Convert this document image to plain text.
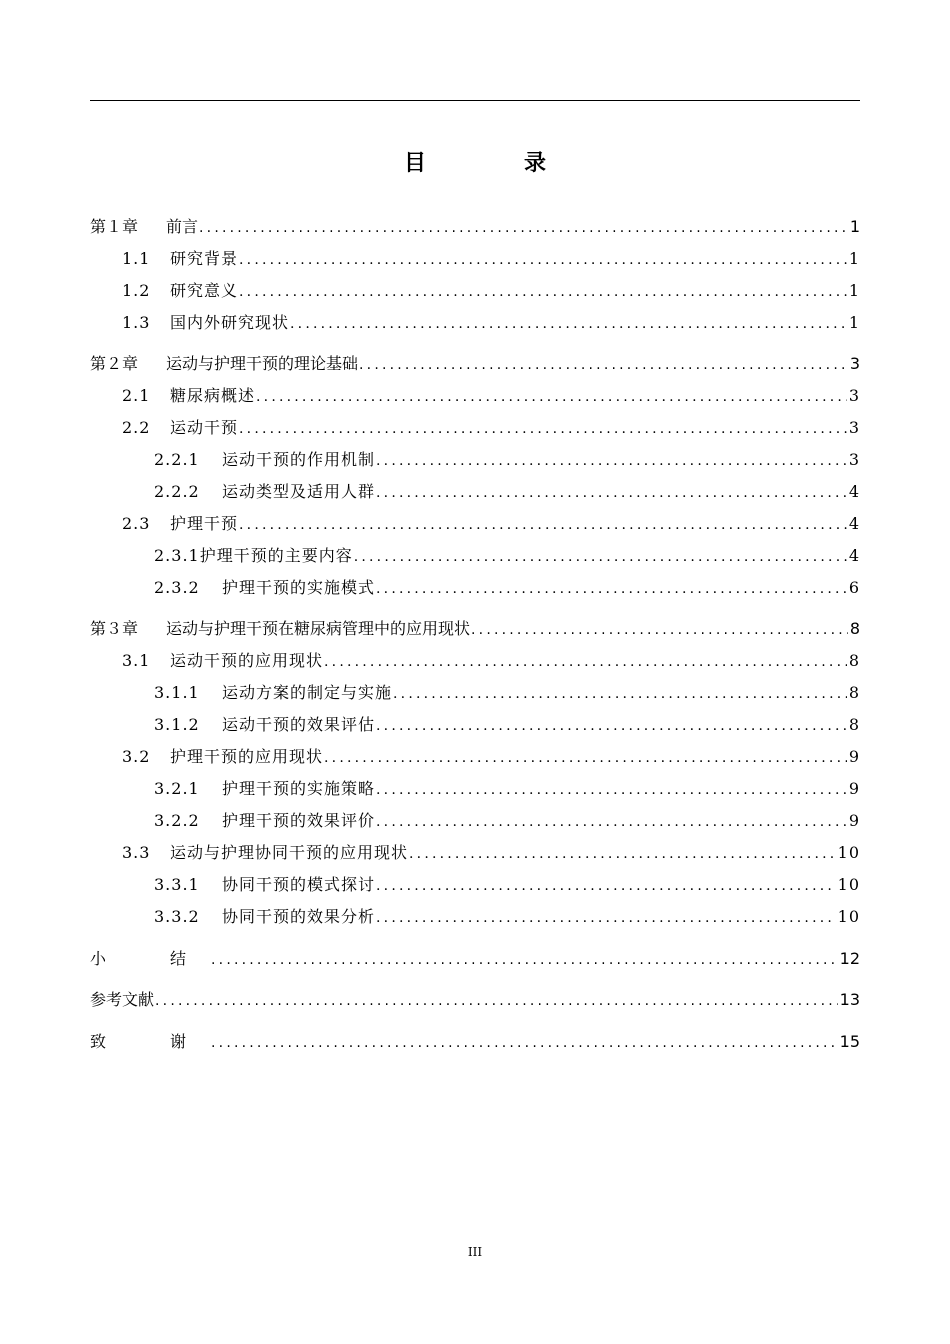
目　录
第１章	前言 .....	1
1.1	研究背景 .....	1
1.2	研究意义 .....	1
1.3	国内外研究现状 .....	1
第２章	运动与护理干预的理论基础 .....	3
2.1	糖尿病概述 .....	3
2.2	运动干预 .....	3
2.2.1	运动干预的作用机制 .....	3
2.2.2	运动类型及适用人群 .....	4
2.3	护理干预 .....	4
2.3.1 护理干预的主要内容 .....	4
2.3.2	护理干预的实施模式 .....	6
第３章	运动与护理干预在糖尿病管理中的应用现状 .....	8
3.1	运动干预的应用现状 .....	8
3.1.1	运动方案的制定与实施 .....	8
3.1.2	运动干预的效果评估 .....	8
3.2	护理干预的应用现状 .....	9
3.2.1	护理干预的实施策略 .....	9
3.2.2	护理干预的效果评价 .....	9
3.3	运动与护理协同干预的应用现状 .....	10
3.3.1	协同干预的模式探讨 .....	10
3.3.2	协同干预的效果分析 .....	10
小　结 .....	12
参考文献 .....	13
致　谢 .....	15
III
